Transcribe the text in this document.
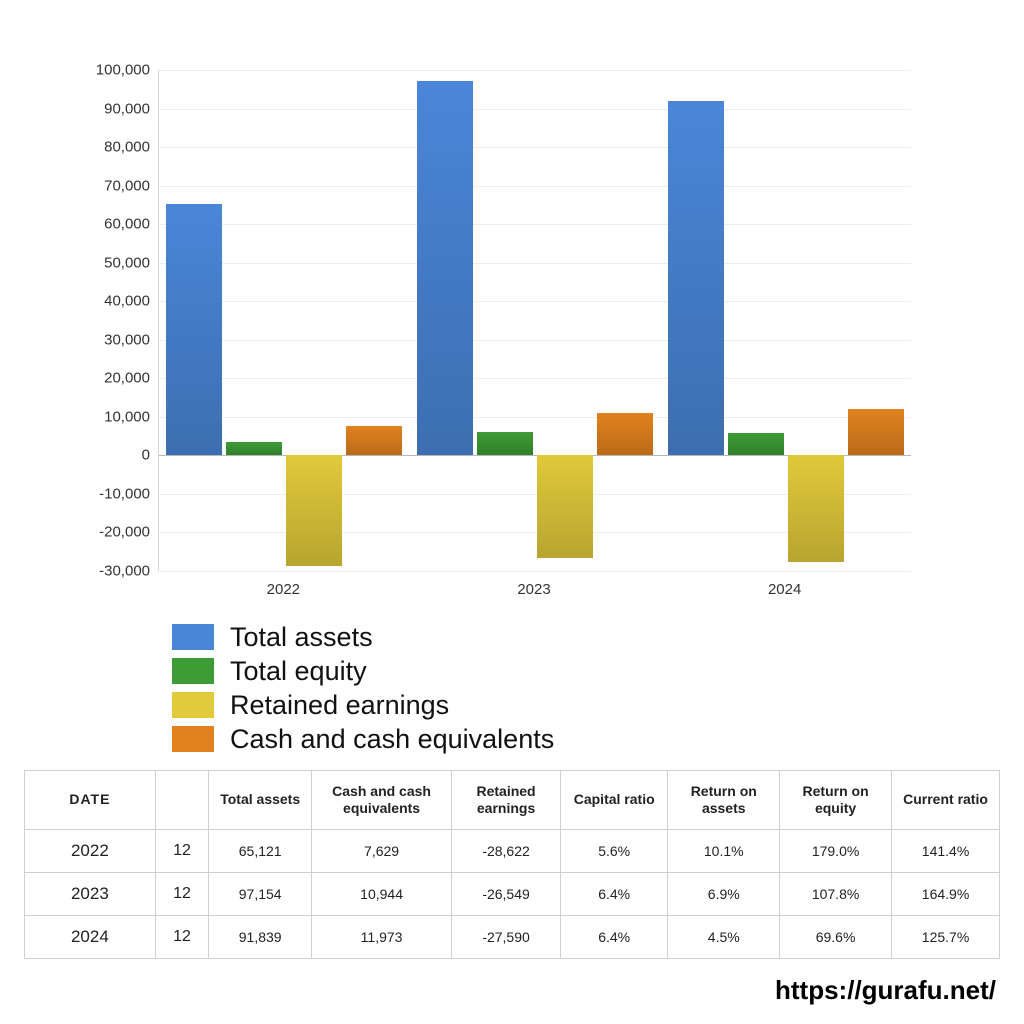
100,000
90,000
80,000
70,000
60,000
50,000
40,000
30,000
20,000
10,000
0
-10,000
-20,000
-30,000
2022	2023	2024
Total assets
Total equity
Retained earnings
Cash and cash equivalents
DATE		Total assets	Cash and cash equivalents	Retained earnings	Capital ratio	Return on assets	Return on equity	Current ratio
2022	12	65,121	7,629	-28,622	5.6%	10.1%	179.0%	141.4%
2023	12	97,154	10,944	-26,549	6.4%	6.9%	107.8%	164.9%
2024	12	91,839	11,973	-27,590	6.4%	4.5%	69.6%	125.7%
https://gurafu.net/
